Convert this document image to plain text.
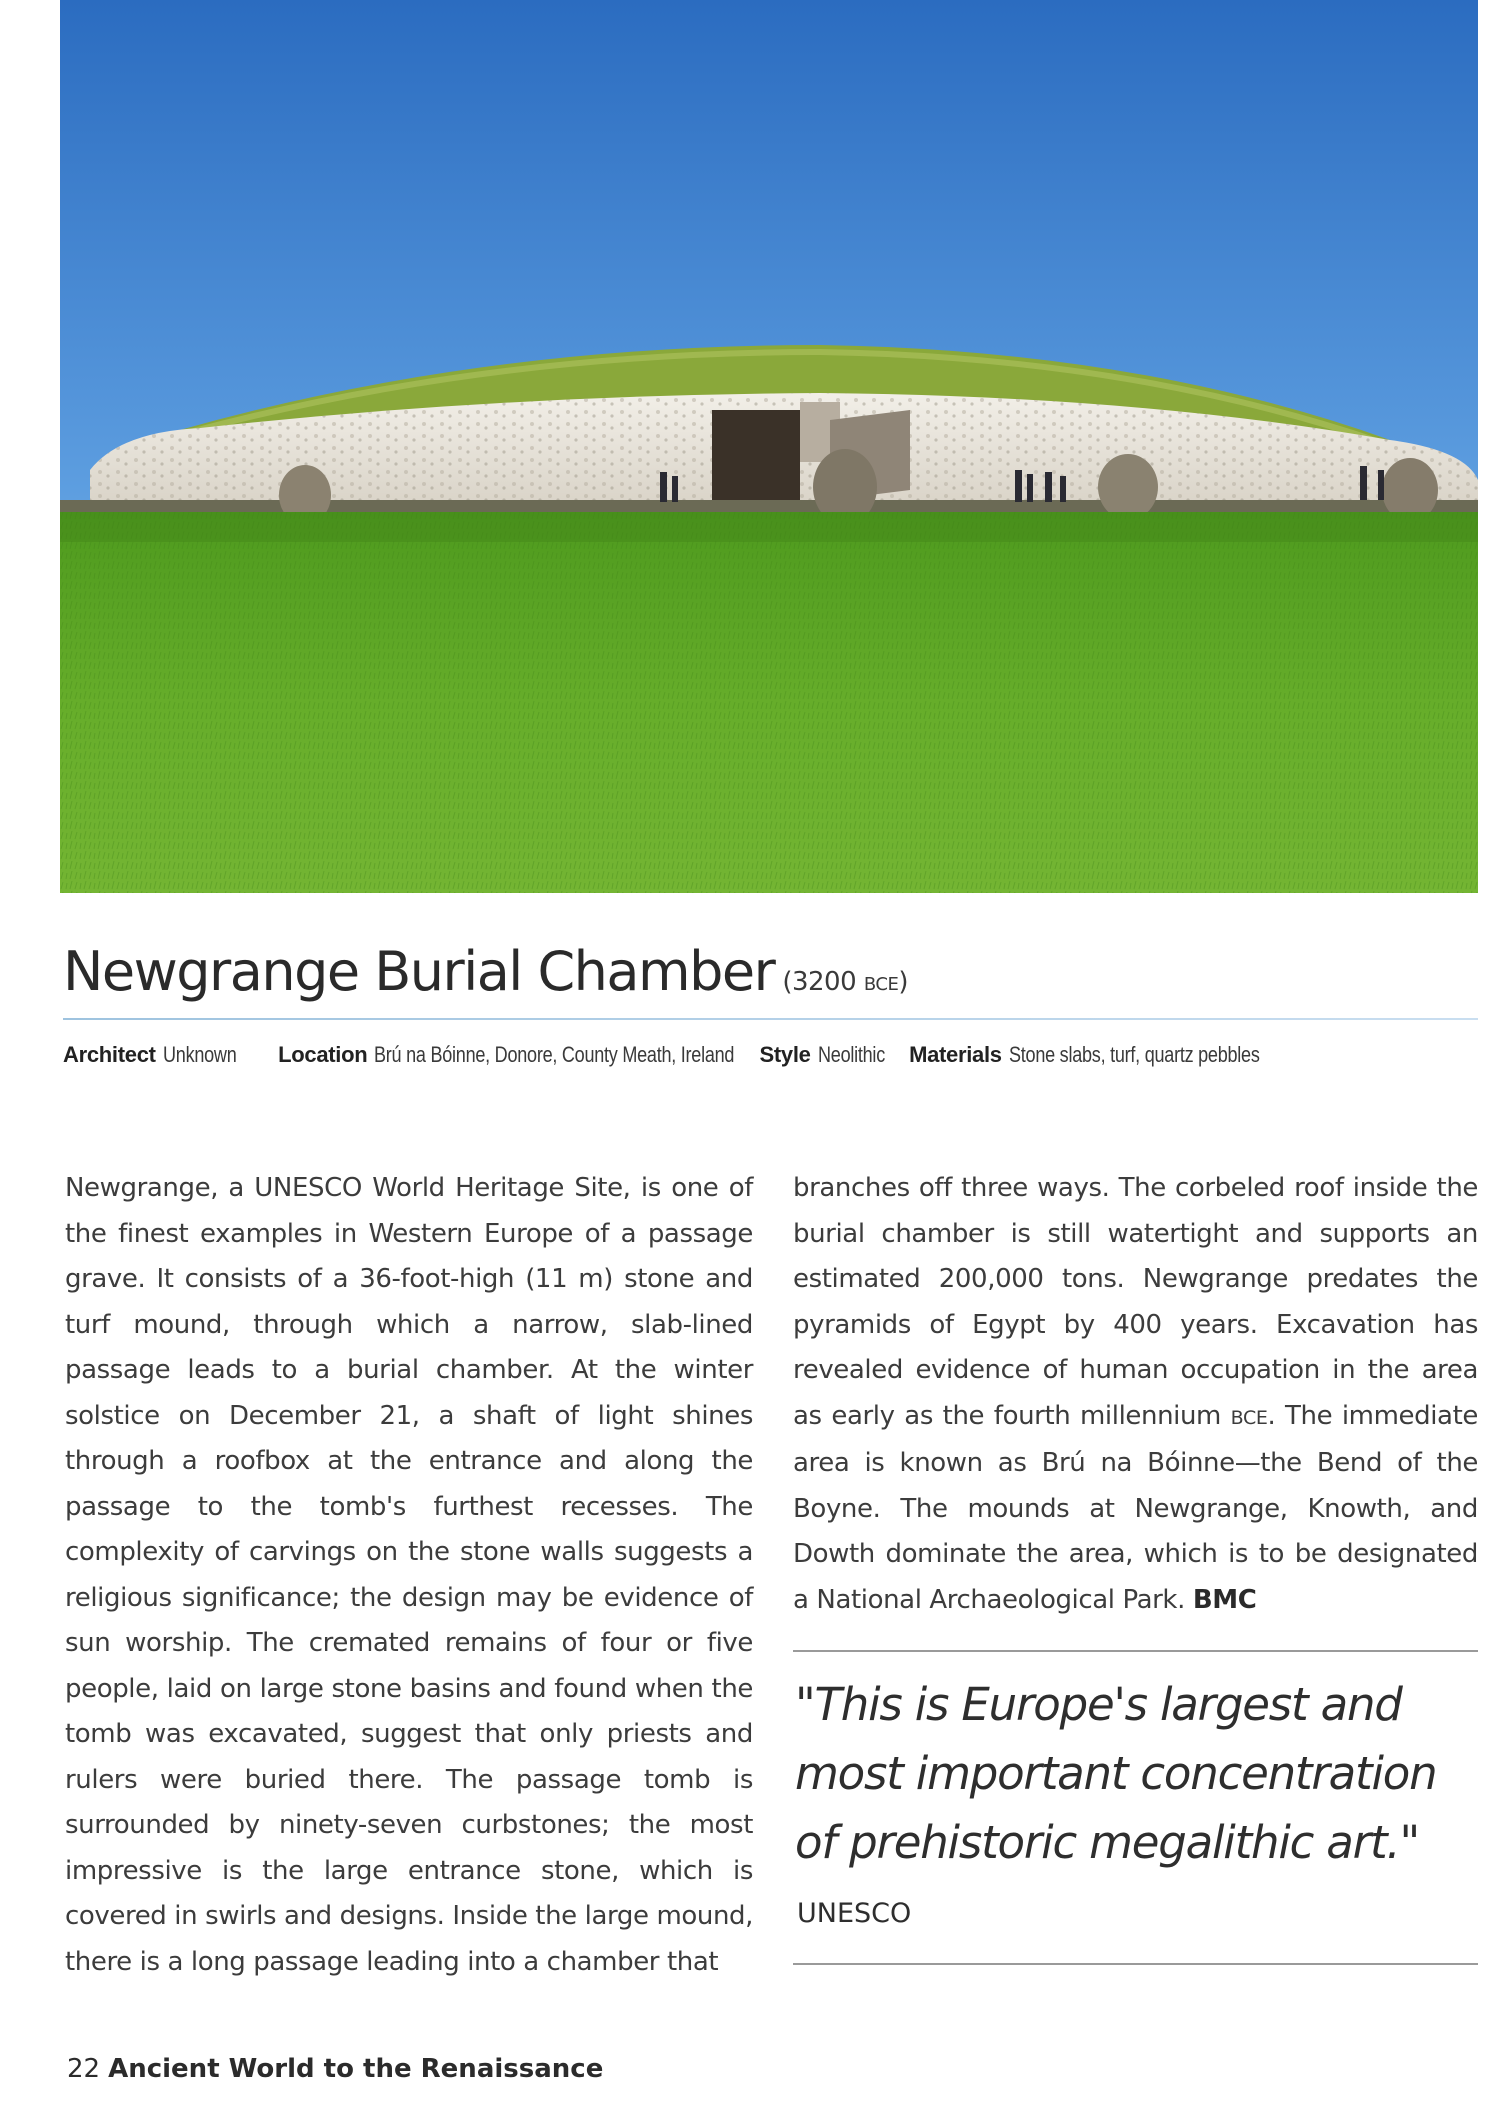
Newgrange Burial Chamber (3200 BCE)
Architect Unknown Location Brú na Bóinne, Donore, County Meath, Ireland Style Neolithic Materials Stone slabs, turf, quartz pebbles
Newgrange, a UNESCO World Heritage Site, is one of the finest examples in Western Europe of a passage grave. It consists of a 36-foot-high (11 m) stone and turf mound, through which a narrow, slab-lined passage leads to a burial chamber. At the winter solstice on December 21, a shaft of light shines through a roofbox at the entrance and along the passage to the tomb's furthest recesses. The complexity of carvings on the stone walls suggests a religious significance; the design may be evidence of sun worship. The cremated remains of four or five people, laid on large stone basins and found when the tomb was excavated, suggest that only priests and rulers were buried there. The passage tomb is surrounded by ninety-seven curbstones; the most impressive is the large entrance stone, which is covered in swirls and designs. Inside the large mound, there is a long passage leading into a chamber that
branches off three ways. The corbeled roof inside the burial chamber is still watertight and supports an estimated 200,000 tons. Newgrange predates the pyramids of Egypt by 400 years. Excavation has revealed evidence of human occupation in the area as early as the fourth millennium BCE. The immediate area is known as Brú na Bóinne—the Bend of the Boyne. The mounds at Newgrange, Knowth, and Dowth dominate the area, which is to be designated a National Archaeological Park. BMC
"This is Europe's largest and most important concentration of prehistoric megalithic art."
UNESCO
22 Ancient World to the Renaissance
